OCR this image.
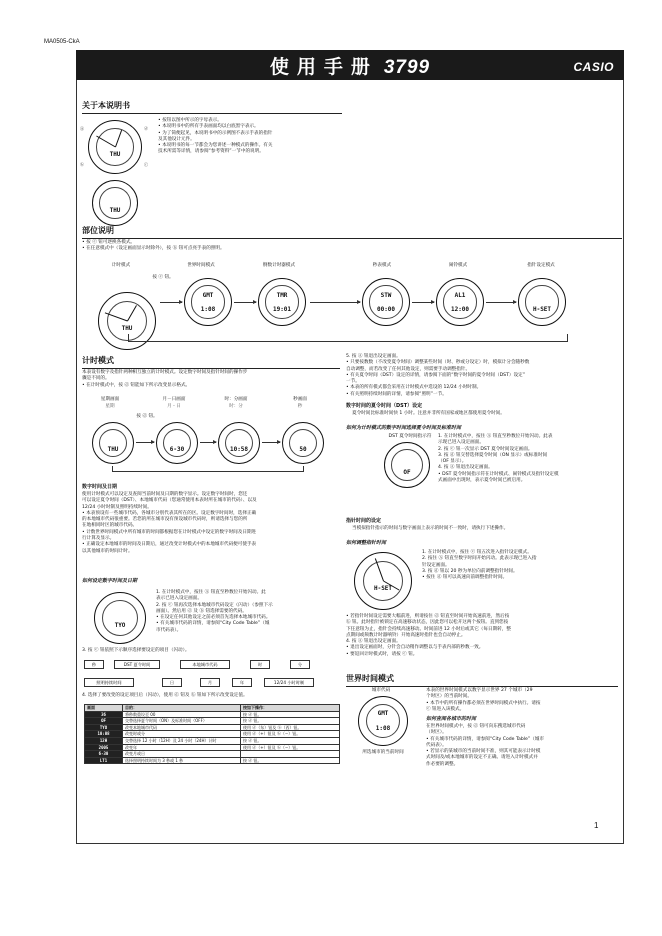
MA0505-CkA
使用手册 3799	CASIO
关于本说明书
THU
Ⓐ	ⓓ
ⓑ	ⓒ
THU

• 按钮以图中所示的字母表示。

• 本说明书中的所有手表画面均以白底黑字表示。

• 为了简便起见，本说明书中的示例图不表示手表的指针

及其他设计元件。

• 本说明书的每一节都会为您讲述一种模式的操作。有关

技术所需等详情，请参阅“参考资料”一节中的说明。

部位说明

• 按 ⓒ 钮可逐换各模式。

• 在任意模式中（设定画面显示时除外），按 ⓑ 钮可点亮手表的照明。

计时模式	世界时间模式	倒数计时器模式	秒表模式	闹铃模式	指针设定模式
按 ⓒ 钮。
THU
GMT
1:08
TMR
19:01
STW
00:00
AL1
12:00	H-SET
计时模式

本表设有数字及指针两种相互独立的计时模式。设定数字时间及指针时间的操作步

骤是不同的。

• 在计时模式中，按 ⓓ 钮能如下所示改变显示格式。

星期画面
星期
月－日画面
月 - 日
时：分画面
时：分
秒画面
秒
按 ⓓ 钮。
THU	6-30	10:58	50
数字时间及日期

使用计时模式可以设定及查阅当前时间及日期的数字显示。设定数字时间时，您还

可以设定夏令时间（DST）、本地城市代码（您通常使用本表时所在城市的代码）、以及

12/24 小时时制及照明持续时间。

• 本表预设有一些城市代码，各城市分别代表其所在的区。设定数字时间时，选择正确

的本地城市代码很重要。若您的所在城市没有预设城市代码时，则请选择与您的所

在地相同时区的城市代码。

• 计数世界时间模式中所有城市的时间都根据您在计时模式中设定的数字时间及日期进

行计算及显示。

• 正确设定本地城市的时间及日期后，通过改变计时模式中的本地城市代码便可使手表

以其他城市的时间计时。

如何设定数字时间及日期
TYO

1. 在计时模式中，按住 Ⓐ 钮直至秒数位开始闪动。此

表示已进入设定画面。

2. 按 ⓒ 钮再次选择本地城市代码设定（闪动）（参照下示

画面）。然后用 ⓓ 及 ⓑ 钮选择需要的代码。

• 在设定任何其他设定之前必须首先选择本地城市代码。

• 有关城市代码的详情，请参阅“City Code Table”（城

市代码表）。

3. 按 ⓒ 钮依照下示顺序选择要设定的项目（闪动）。
秒	DST 夏令时间	本地城市代码	时	分
照明持续时间	日	月	年	12/24 小时时制
4. 选择了要改变的设定项目后（闪动），使用 ⓓ 钮及 ⓑ 钮如下所示改变设定值。
画面	目的：	按如下操作：
36	将秒数重设至 00	按 ⓓ 钮。
OF	交替选择夏令时间（ON）及标准时间（OFF）	按 ⓓ 钮。
TYO	改变本地城市代码	使用 ⓓ（东）钮及 ⓑ（西）钮。
10:08	改变时或分	使用 ⓓ（+）钮及 ⓑ（−）钮。
12H	交替选择 12 小时（12H）及 24 小时（24H）计时	按 ⓓ 钮。
2005	改变年	使用 ⓓ（+）钮及 ⓑ（−）钮。
6-30	改变月或日	
LT1	选择照明持续时间为 3 秒或 1 秒	按 ⓓ 钮。

5. 按 Ⓐ 钮退出设定画面。

• 只要按数数（不改变夏令时间）调整某些时间（时、秒或分设定）时，模拟计分会随秒数

自动调整，而若改变了任何其他设定，则需要手动调整指针。

• 有关夏令时间（DST）设定的详情，请参阅下面的“数字时间的夏令时间（DST）设定”

一节。

• 本表的所有模式都会采用在计时模式中选设的 12/24 小时时制。

• 有关照明持续时间的详情，请参阅“照明”一节。

数字时间的夏令时间（DST）设定
夏令时间比标准时间快 1 小时。注意并非所有国家或地区都使用夏令时间。
如何为计时模式的数字时间选择夏令时间及标准时间
DST 夏令时间指示符
OF

1. 在计时模式中，按住 Ⓐ 钮直至秒数位开始闪动。此表

示现已进入设定画面。

2. 按 ⓒ 钮一次显示 DST 夏令时间设定画面。

3. 按 ⓓ 钮交替选择夏令时间（ON 显示）或标准时间

（OF 显示）。

4. 按 Ⓐ 钮退出设定画面。

• DST 夏令时间指示符在计时模式、闹铃模式及指针设定模

式画面中出现时，表示夏令时间已被启用。

指针时间的设定
当模拟指针指示的时间与数字画面上表示的时间不一致时，请执行下述操作。
如何调整指针时间
H-SET

1. 在计时模式中，按住 ⓒ 钮五次进入指针设定模式。

2. 按住 Ⓐ 钮直至数字时间开始闪动。此表示现已进入指

针设定画面。

3. 按 ⓓ 钮以 20 秒为单位向前调整指针时间。

• 按住 ⓓ 钮可以高速向前调整指针时间。

• 若指针时间设定需要大幅前进，则请按住 ⓓ 钮直至时间开始高速前进，然后按

ⓑ 钮。此时指针被锁定在高速移动状态，因此您可以松开这两个按钮。直到您按

下任意钮为止，指针会持续高速移动。时间前进 12 小时后或其它（每日期转，整

点期间或频数计时器响铃）开始高速时指针也会自动停止。

4. 按 Ⓐ 钮退出设定画面。

• 退出设定画面时，分针会自动稍作调整以与手表内部的秒数一致。

• 要返回计时模式时，请按 ⓒ 钮。

世界时间模式
城市代码
GMT
1:08
所选城市的当前时间

本表的世界时间模式以数字显示世界 27 个城市（29

个时区）的当前时间。

• 本节中的所有操作都必须在世界时间模式中执行。请按

ⓒ 钮进入该模式。

如何查阅各城市的时间

在世界时间模式中，按 ⓓ 钮可向东搜选城市代码

（时区）。

• 有关城市代码的详情，请参阅“City Code Table”（城市

代码表）。

• 若显示的某城市的当前时间不准，则其可能表示计时模

式时间及/或本地城市的设定不正确。请进入计时模式并

作必要的调整。

1
